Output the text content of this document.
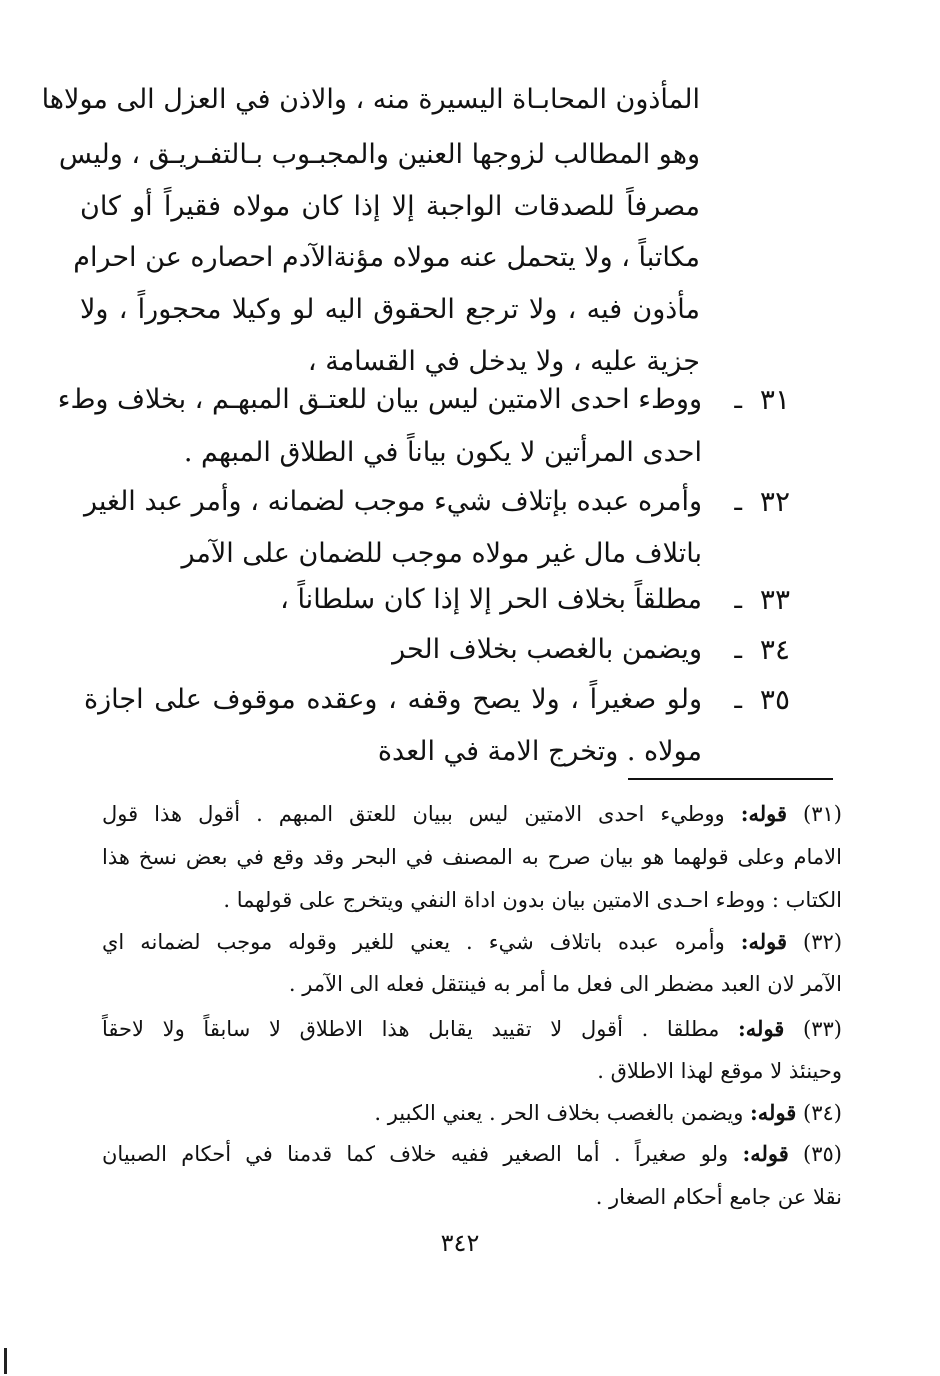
المأذون المحابـاة اليسيرة منه ، والاذن في العزل الى مولاها
وهو المطالب لزوجها العنين والمجبـوب بـالتفـريـق ، وليس
مصرفاً للصدقات الواجبة إلا إذا كان مولاه فقيراً أو كان
مكاتباً ، ولا يتحمل عنه مولاه مؤنةالآدم احصاره عن احرام
مأذون فيه ، ولا ترجع الحقوق اليه لو وكيلا محجوراً ، ولا
جزية عليه ، ولا يدخل في القسامة ،
٣١
ـ
ووطء احدى الامتين ليس بيان للعتـق المبهـم ، بخلاف وطء
احدى المرأتين لا يكون بياناً في الطلاق المبهم .
٣٢
ـ
وأمره عبده بإتلاف شيء موجب لضمانه ، وأمر عبد الغير
باتلاف مال غير مولاه موجب للضمان على الآمر
٣٣
ـ
مطلقاً بخلاف الحر إلا إذا كان سلطاناً ،
٣٤
ـ
ويضمن بالغصب بخلاف الحر
٣٥
ـ
ولو صغيراً ، ولا يصح وقفه ، وعقده موقوف على اجازة
مولاه . وتخرج الامة في العدة
(٣١) قوله: ووطيء احدى الامتين ليس ببيان للعتق المبهم . أقول هذا قول
الامام وعلى قولهما هو بيان صرح به المصنف في البحر وقد وقع في بعض نسخ هذا
الكتاب : ووطء احـدى الامتين بيان بدون اداة النفي ويتخرج على قولهما .
(٣٢) قوله: وأمره عبده باتلاف شيء . يعني للغير وقوله موجب لضمانه اي
الآمر لان العبد مضطر الى فعل ما أمر به فينتقل فعله الى الآمر .
(٣٣) قوله: مطلقا . أقول لا تقييد يقابل هذا الاطلاق لا سابقاً ولا لاحقاً
وحينئذ لا موقع لهذا الاطلاق .
(٣٤) قوله: ويضمن بالغصب بخلاف الحر . يعني الكبير .
(٣٥) قوله: ولو صغيراً . أما الصغير ففيه خلاف كما قدمنا في أحكام الصبيان
نقلا عن جامع أحكام الصغار .
٣٤٢
